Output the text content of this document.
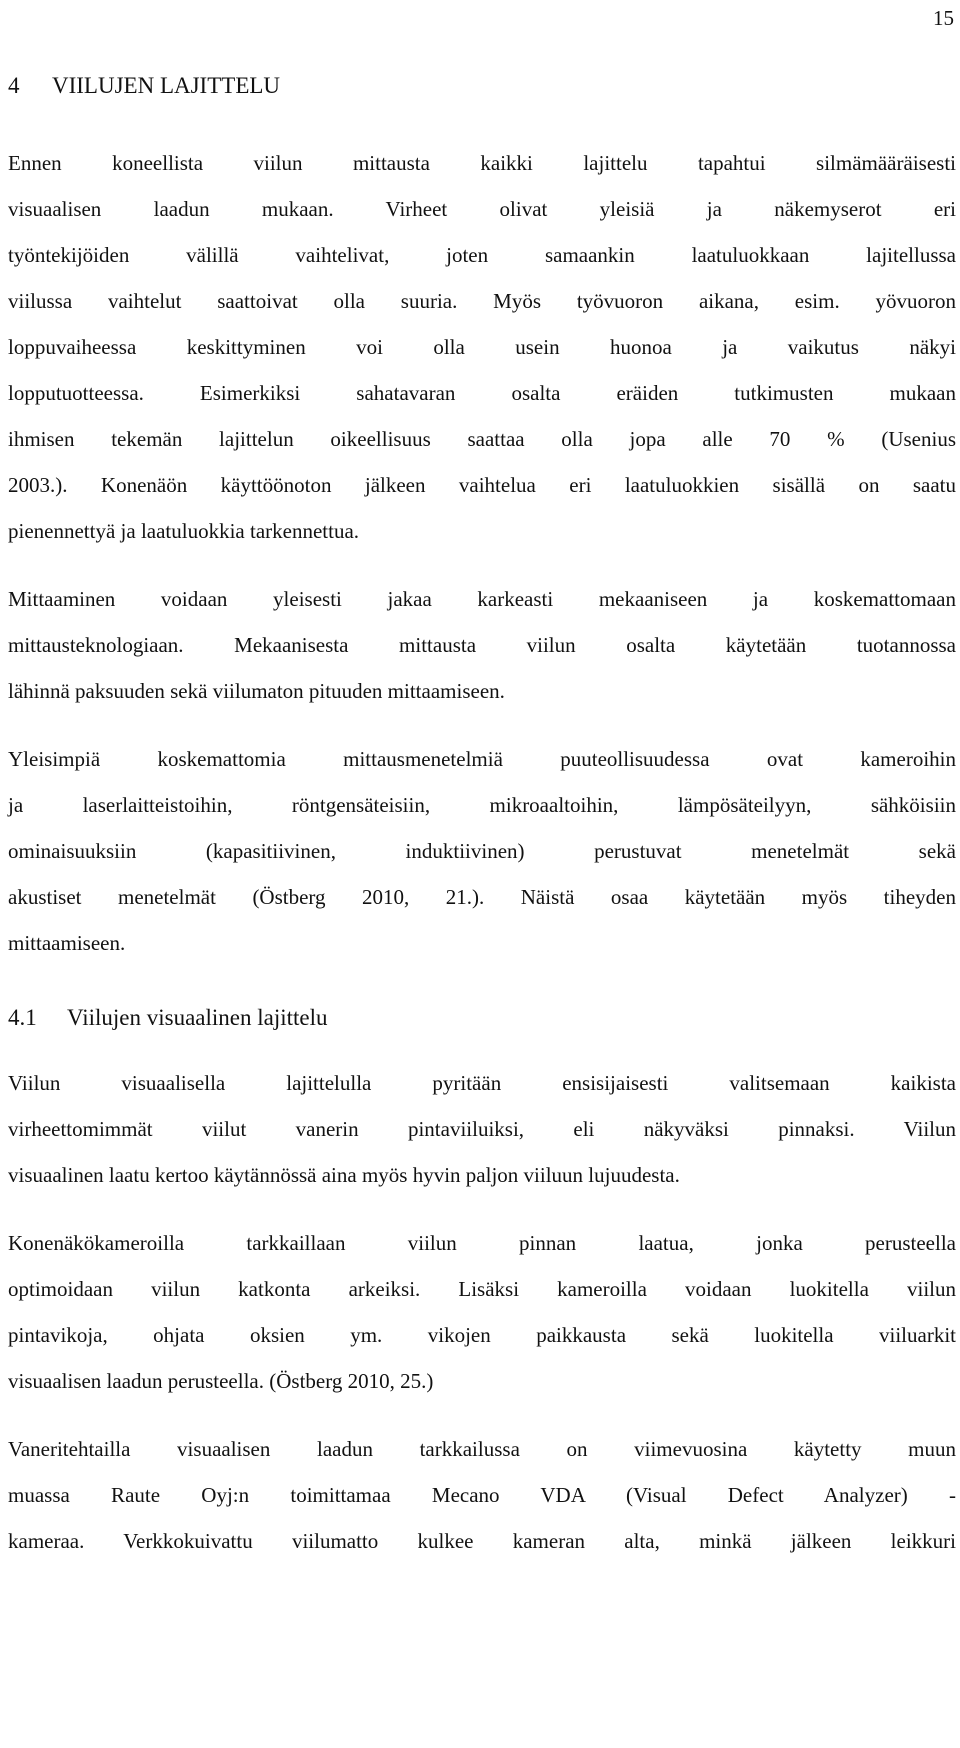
15
4	VIILUJEN LAJITTELU
Ennen koneellista viilun mittausta kaikki lajittelu tapahtui silmämääräisesti
visuaalisen laadun mukaan. Virheet olivat yleisiä ja näkemyserot eri
työntekijöiden välillä vaihtelivat, joten samaankin laatuluokkaan lajitellussa
viilussa vaihtelut saattoivat olla suuria. Myös työvuoron aikana, esim. yövuoron
loppuvaiheessa keskittyminen voi olla usein huonoa ja vaikutus näkyi
lopputuotteessa. Esimerkiksi sahatavaran osalta eräiden tutkimusten mukaan
ihmisen tekemän lajittelun oikeellisuus saattaa olla jopa alle 70 % (Usenius
2003.). Konenäön käyttöönoton jälkeen vaihtelua eri laatuluokkien sisällä on saatu
pienennettyä ja laatuluokkia tarkennettua.
Mittaaminen voidaan yleisesti jakaa karkeasti mekaaniseen ja koskemattomaan
mittausteknologiaan. Mekaanisesta mittausta viilun osalta käytetään tuotannossa
lähinnä paksuuden sekä viilumaton pituuden mittaamiseen.
Yleisimpiä koskemattomia mittausmenetelmiä puuteollisuudessa ovat kameroihin
ja laserlaitteistoihin, röntgensäteisiin, mikroaaltoihin, lämpösäteilyyn, sähköisiin
ominaisuuksiin (kapasitiivinen, induktiivinen) perustuvat menetelmät sekä
akustiset menetelmät (Östberg 2010, 21.). Näistä osaa käytetään myös tiheyden
mittaamiseen.
4.1	Viilujen visuaalinen lajittelu
Viilun visuaalisella lajittelulla pyritään ensisijaisesti valitsemaan kaikista
virheettomimmät viilut vanerin pintaviiluiksi, eli näkyväksi pinnaksi. Viilun
visuaalinen laatu kertoo käytännössä aina myös hyvin paljon viiluun lujuudesta.
Konenäkökameroilla tarkkaillaan viilun pinnan laatua, jonka perusteella
optimoidaan viilun katkonta arkeiksi. Lisäksi kameroilla voidaan luokitella viilun
pintavikoja, ohjata oksien ym. vikojen paikkausta sekä luokitella viiluarkit
visuaalisen laadun perusteella. (Östberg 2010, 25.)
Vaneritehtailla visuaalisen laadun tarkkailussa on viimevuosina käytetty muun
muassa Raute Oyj:n toimittamaa Mecano VDA (Visual Defect Analyzer) -
kameraa. Verkkokuivattu viilumatto kulkee kameran alta, minkä jälkeen leikkuri
